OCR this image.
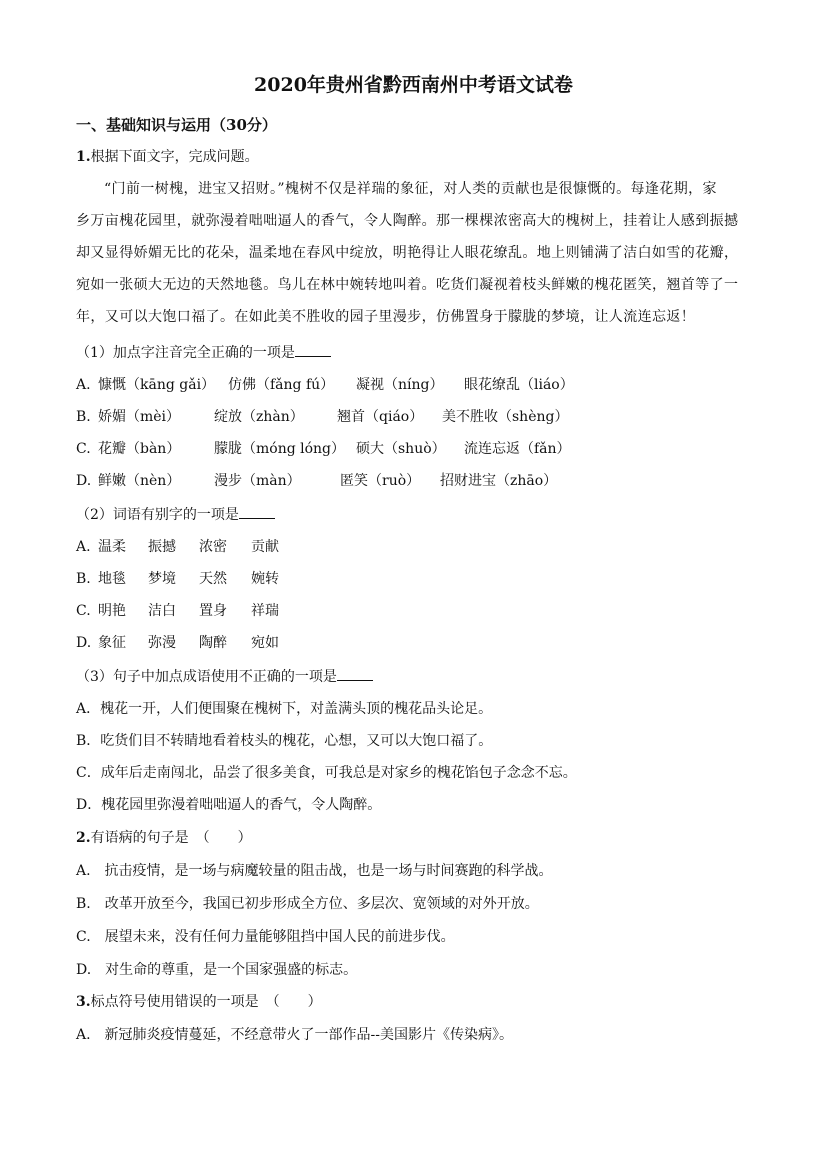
2020年贵州省黔西南州中考语文试卷
一、基础知识与运用（30分）
1.根据下面文字，完成问题。
“门前一树槐，进宝又招财。”槐树不仅是祥瑞的象征，对人类的贡献也是很慷慨的。每逢花期，家
乡万亩槐花园里，就弥漫着咄咄逼人的香气，令人陶醉。那一棵棵浓密高大的槐树上，挂着让人感到振撼
却又显得娇媚无比的花朵，温柔地在春风中绽放，明艳得让人眼花缭乱。地上则铺满了洁白如雪的花瓣，
宛如一张硕大无边的天然地毯。鸟儿在林中婉转地叫着。吃货们凝视着枝头鲜嫩的槐花匿笑，翘首等了一
年，又可以大饱口福了。在如此美不胜收的园子里漫步，仿佛置身于朦胧的梦境，让人流连忘返！
（1）加点字注音完全正确的一项是
A. 慷慨（kāng gǎi） 仿佛（fǎng fú） 凝视（níng） 眼花缭乱（liáo）
B. 娇媚（mèi） 绽放（zhàn） 翘首（qiáo） 美不胜收（shèng）
C. 花瓣（bàn） 朦胧（móng lóng） 硕大（shuò） 流连忘返（fǎn）
D. 鲜嫩（nèn） 漫步（màn）	匿笑（ruò） 招财进宝（zhāo）
（2）词语有别字的一项是
A. 温柔 振撼 浓密 贡献
B. 地毯 梦境 天然 婉转
C. 明艳 洁白 置身 祥瑞
D. 象征 弥漫 陶醉 宛如
（3）句子中加点成语使用不正确的一项是
A．槐花一开，人们便围聚在槐树下，对盖满头顶的槐花品头论足。
B．吃货们目不转睛地看着枝头的槐花，心想，又可以大饱口福了。
C．成年后走南闯北，品尝了很多美食，可我总是对家乡的槐花馅包子念念不忘。
D．槐花园里弥漫着咄咄逼人的香气，令人陶醉。
2.有语病的句子是　（　　）
A.　抗击疫情，是一场与病魔较量的阻击战，也是一场与时间赛跑的科学战。
B.　改革开放至今，我国已初步形成全方位、多层次、宽领域的对外开放。
C.　展望未来，没有任何力量能够阻挡中国人民的前进步伐。
D.　对生命的尊重，是一个国家强盛的标志。
3.标点符号使用错误的一项是　（　　）
A.　新冠肺炎疫情蔓延，不经意带火了一部作品--美国影片《传染病》。
